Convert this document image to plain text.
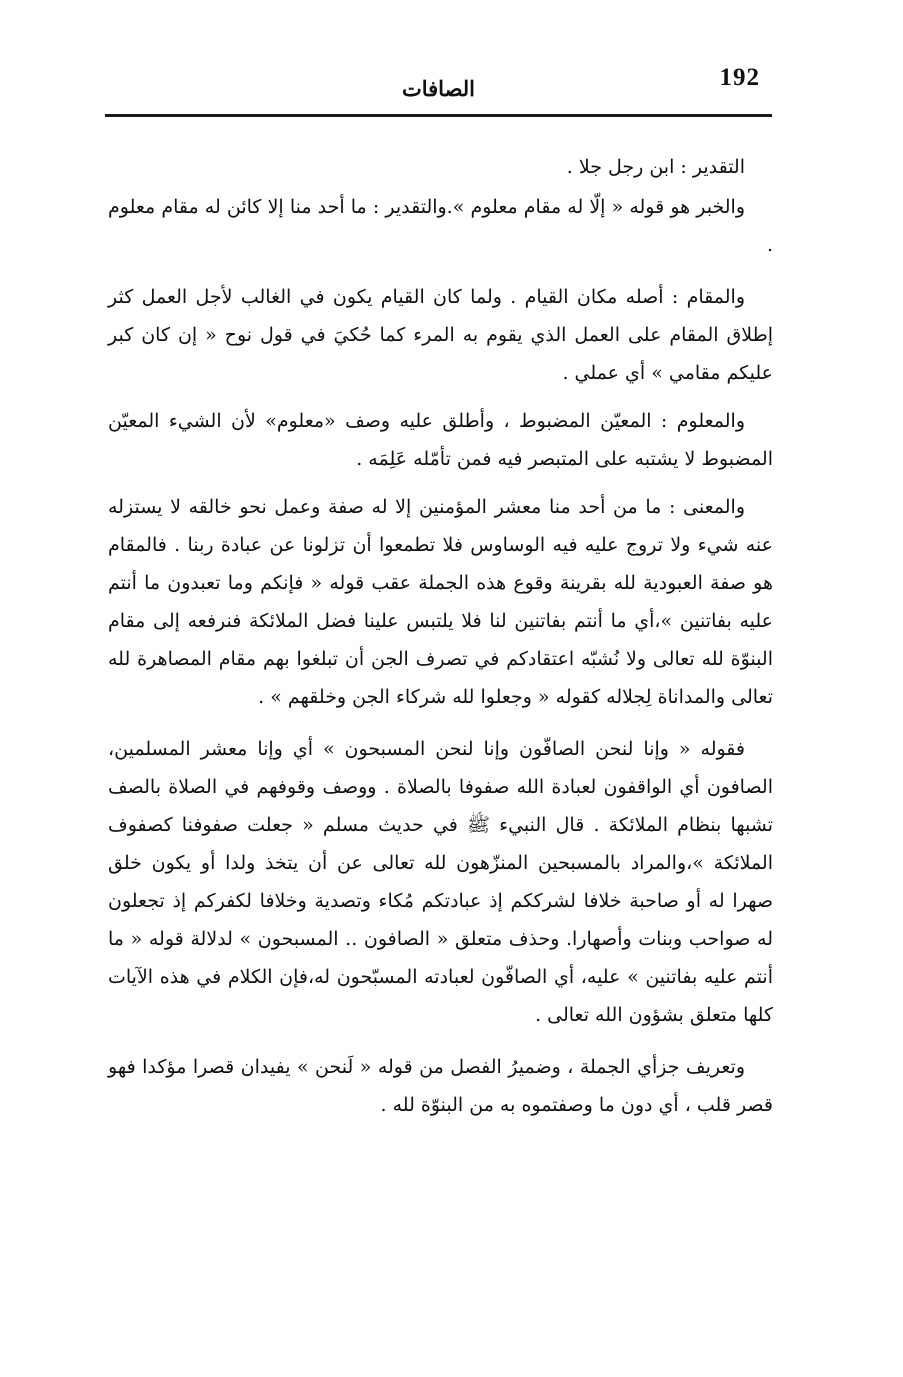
192
الصافات

التقدير : ابن رجل جلا .

والخبر هو قوله « إلّا له مقام معلوم ».والتقدير : ما أحد منا إلا كائن له مقام معلوم .

والمقام : أصله مكان القيام . ولما كان القيام يكون في الغالب لأجل العمل كثر إطلاق المقام على العمل الذي يقوم به المرء كما حُكيَ في قول نوح « إن كان كبر عليكم مقامي » أي عملي .

والمعلوم : المعيّن المضبوط ، وأطلق عليه وصف «معلوم» لأن الشيء المعيّن المضبوط لا يشتبه على المتبصر فيه فمن تأمّله عَلِمَه .

والمعنى : ما من أحد منا معشر المؤمنين إلا له صفة وعمل نحو خالقه لا يستزله عنه شيء ولا تروج عليه فيه الوساوس فلا تطمعوا أن تزلونا عن عبادة ربنا . فالمقام هو صفة العبودية لله بقرينة وقوع هذه الجملة عقب قوله « فإنكم وما تعبدون ما أنتم عليه بفاتنين »،أي ما أنتم بفاتنين لنا فلا يلتبس علينا فضل الملائكة فنرفعه إلى مقام البنوّة لله تعالى ولا نُشبّه اعتقادكم في تصرف الجن أن تبلغوا بهم مقام المصاهرة لله تعالى والمداناة لِجلاله كقوله « وجعلوا لله شركاء الجن وخلقهم » .

فقوله « وإنا لنحن الصافّون وإنا لنحن المسبحون » أي وإنا معشر المسلمين، الصافون أي الواقفون لعبادة الله صفوفا بالصلاة . ووصف وقوفهم في الصلاة بالصف تشبها بنظام الملائكة . قال النبيء ﷺ في حديث مسلم « جعلت صفوفنا كصفوف الملائكة »،والمراد بالمسبحين المنزّهون لله تعالى عن أن يتخذ ولدا أو يكون خلق صهرا له أو صاحبة خلافا لشرككم إذ عبادتكم مُكاء وتصدية وخلافا لكفركم إذ تجعلون له صواحب وبنات وأصهارا. وحذف متعلق « الصافون .. المسبحون » لدلالة قوله « ما أنتم عليه بفاتنين » عليه، أي الصافّون لعبادته المسبّحون له،فإن الكلام في هذه الآيات كلها متعلق بشؤون الله تعالى .

وتعريف جزأي الجملة ، وضميرُ الفصل من قوله « لَنحن » يفيدان قصرا مؤكدا فهو قصر قلب ، أي دون ما وصفتموه به من البنوّة لله .
